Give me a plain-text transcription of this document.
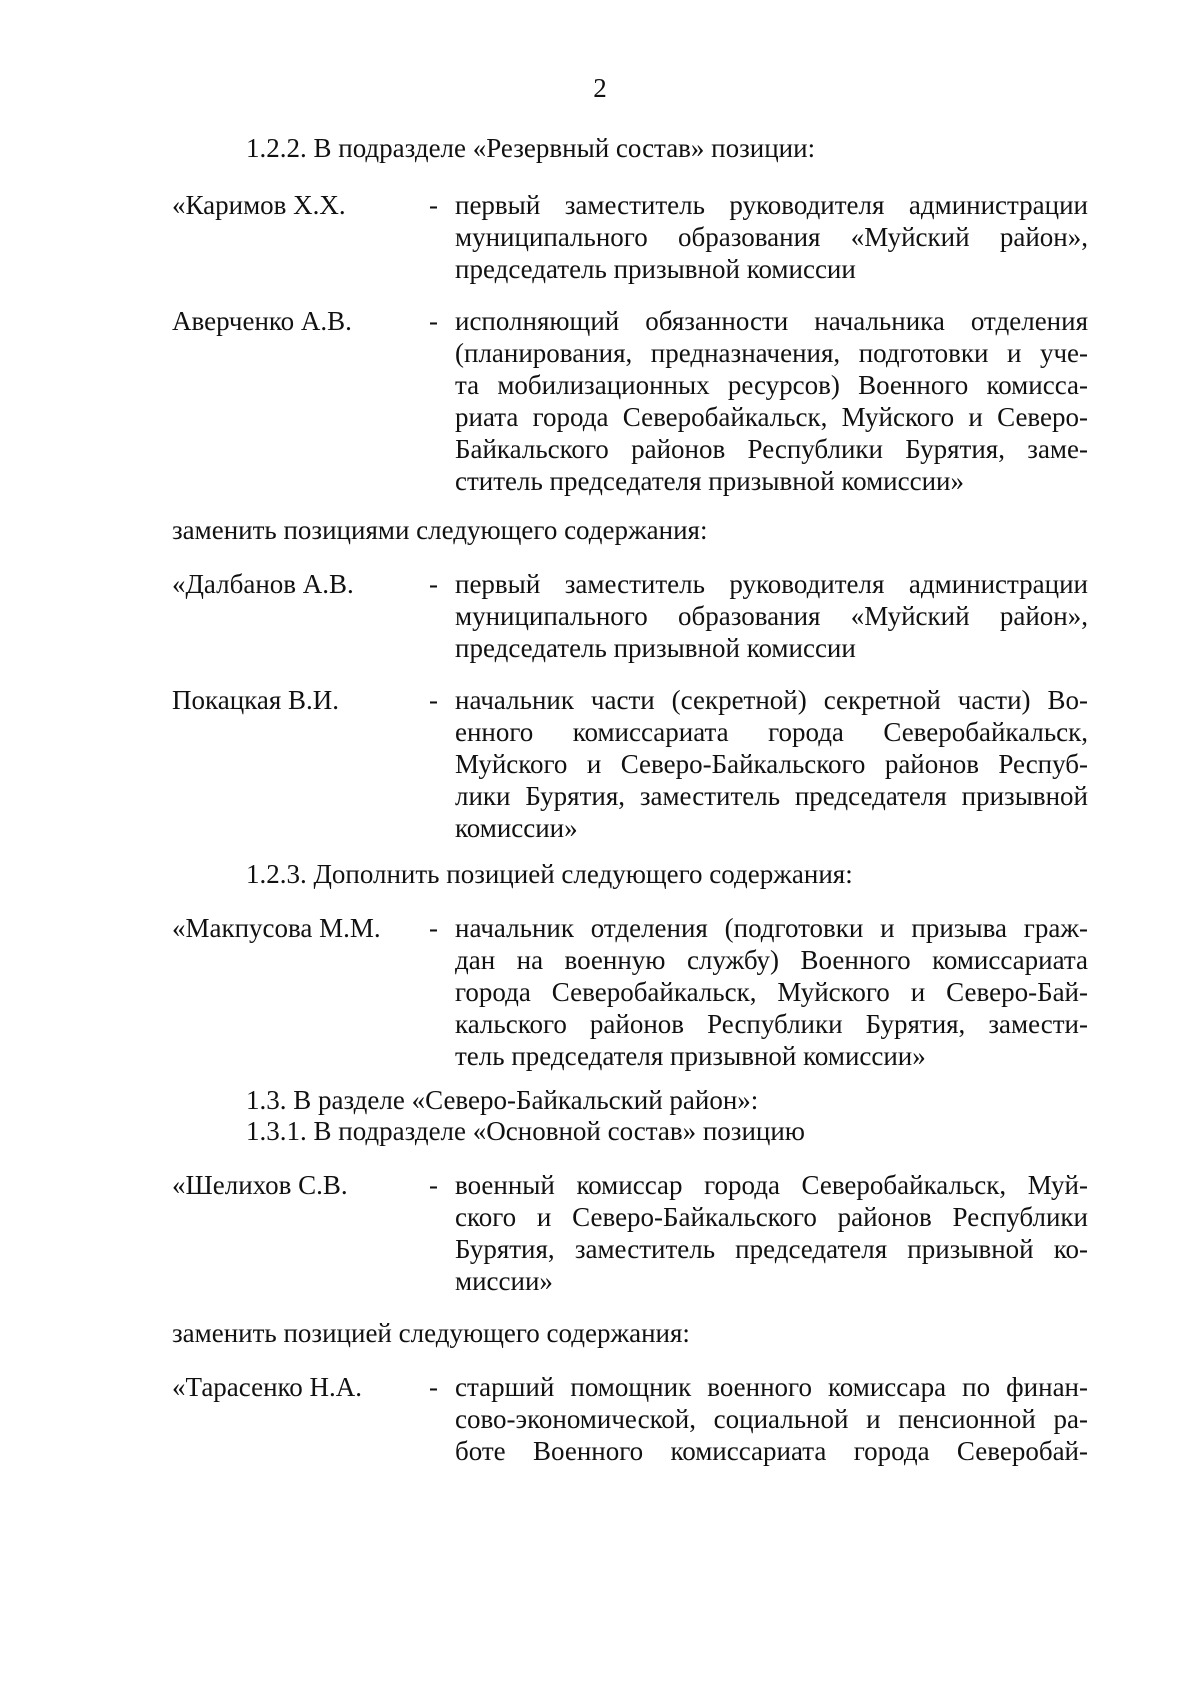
2
1.2.2. В подразделе «Резервный состав» позиции:
«Каримов Х.Х.	- первый заместитель руководителя администрации
муниципального образования «Муйский район»,
председатель призывной комиссии
Аверченко А.В.	- исполняющий обязанности начальника отделения
(планирования, предназначения, подготовки и уче-
та мобилизационных ресурсов) Военного комисса-
риата города Северобайкальск, Муйского и Северо-
Байкальского районов Республики Бурятия, заме-
ститель председателя призывной комиссии»
заменить позициями следующего содержания:
«Далбанов А.В.	- первый заместитель руководителя администрации
муниципального образования «Муйский район»,
председатель призывной комиссии
Покацкая В.И.	- начальник части (секретной) секретной части) Во-
енного комиссариата города Северобайкальск,
Муйского и Северо-Байкальского районов Респуб-
лики Бурятия, заместитель председателя призывной
комиссии»
1.2.3. Дополнить позицией следующего содержания:
«Макпусова М.М. - начальник отделения (подготовки и призыва граж-
дан на военную службу) Военного комиссариата
города Северобайкальск, Муйского и Северо-Бай-
кальского районов Республики Бурятия, замести-
тель председателя призывной комиссии»
1.3. В разделе «Северо-Байкальский район»:
1.3.1. В подразделе «Основной состав» позицию
«Шелихов С.В.	- военный комиссар города Северобайкальск, Муй-
ского и Северо-Байкальского районов Республики
Бурятия, заместитель председателя призывной ко-
миссии»
заменить позицией следующего содержания:
«Тарасенко Н.А. - старший помощник военного комиссара по финан-
сово-экономической, социальной и пенсионной ра-
боте Военного комиссариата города Северобай-
